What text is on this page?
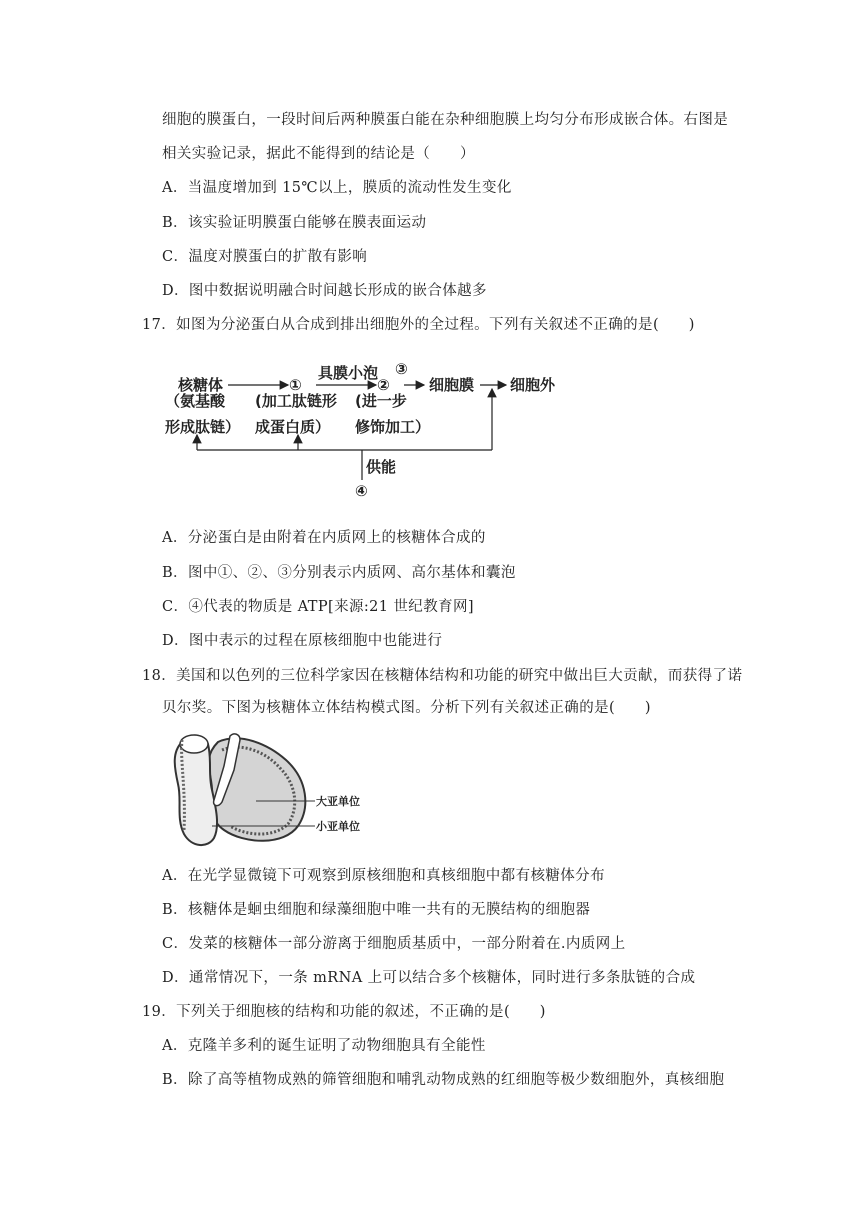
细胞的膜蛋白，一段时间后两种膜蛋白能在杂种细胞膜上均匀分布形成嵌合体。右图是
相关实验记录，据此不能得到的结论是（　　）
A．当温度增加到 15℃以上，膜质的流动性发生变化
B．该实验证明膜蛋白能够在膜表面运动
C．温度对膜蛋白的扩散有影响
D．图中数据说明融合时间越长形成的嵌合体越多
17．如图为分泌蛋白从合成到排出细胞外的全过程。下列有关叙述不正确的是(　　)
核糖体
（氨基酸
形成肽链）
①
(加工肽链形
成蛋白质）
具膜小泡
②
③
(进一步
修饰加工）
细胞膜 细胞外
供能
④
A．分泌蛋白是由附着在内质网上的核糖体合成的
B．图中①、②、③分别表示内质网、高尔基体和囊泡
C．④代表的物质是 ATP[来源:21 世纪教育网]
D．图中表示的过程在原核细胞中也能进行
18．美国和以色列的三位科学家因在核糖体结构和功能的研究中做出巨大贡献，而获得了诺
贝尔奖。下图为核糖体立体结构模式图。分析下列有关叙述正确的是(　　)
大亚单位
小亚单位
A．在光学显微镜下可观察到原核细胞和真核细胞中都有核糖体分布
B．核糖体是蛔虫细胞和绿藻细胞中唯一共有的无膜结构的细胞器
C．发菜的核糖体一部分游离于细胞质基质中，一部分附着在.内质网上
D．通常情况下，一条 mRNA 上可以结合多个核糖体，同时进行多条肽链的合成
19．下列关于细胞核的结构和功能的叙述，不正确的是(　　)
A．克隆羊多利的诞生证明了动物细胞具有全能性
B．除了高等植物成熟的筛管细胞和哺乳动物成熟的红细胞等极少数细胞外，真核细胞
